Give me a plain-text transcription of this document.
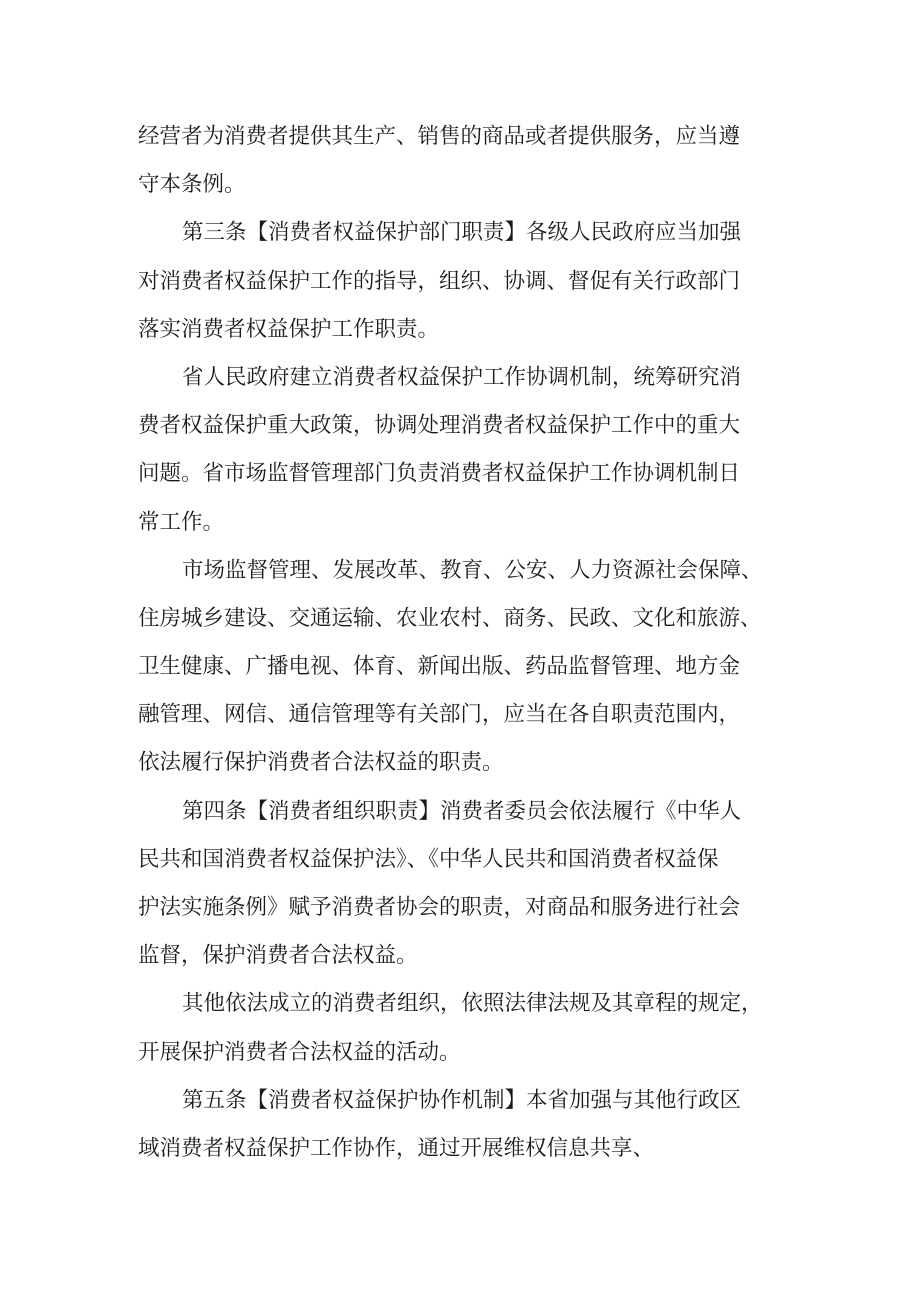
经营者为消费者提供其生产、销售的商品或者提供服务，应当遵
守本条例。
第三条【消费者权益保护部门职责】各级人民政府应当加强
对消费者权益保护工作的指导，组织、协调、督促有关行政部门
落实消费者权益保护工作职责。
省人民政府建立消费者权益保护工作协调机制，统筹研究消
费者权益保护重大政策，协调处理消费者权益保护工作中的重大
问题。省市场监督管理部门负责消费者权益保护工作协调机制日
常工作。
市场监督管理、发展改革、教育、公安、人力资源社会保障、
住房城乡建设、交通运输、农业农村、商务、民政、文化和旅游、
卫生健康、广播电视、体育、新闻出版、药品监督管理、地方金
融管理、网信、通信管理等有关部门，应当在各自职责范围内，
依法履行保护消费者合法权益的职责。
第四条【消费者组织职责】消费者委员会依法履行《中华人
民共和国消费者权益保护法》、《中华人民共和国消费者权益保
护法实施条例》赋予消费者协会的职责，对商品和服务进行社会
监督，保护消费者合法权益。
其他依法成立的消费者组织，依照法律法规及其章程的规定，
开展保护消费者合法权益的活动。
第五条【消费者权益保护协作机制】本省加强与其他行政区
域消费者权益保护工作协作，通过开展维权信息共享、
